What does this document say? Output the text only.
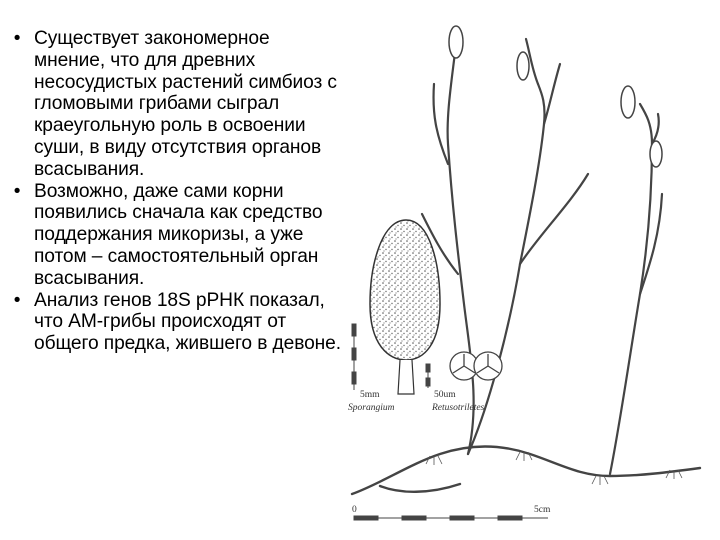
• Существует закономерное мнение, что для древних несосудистых растений симбиоз с гломовыми грибами сыграл краеугольную роль в освоении суши, в виду отсутствия органов всасывания.
• Возможно, даже сами корни появились сначала как средство поддержания микоризы, а уже потом – самостоятельный орган всасывания.
• Анализ генов 18S рРНК показал, что АМ-грибы происходят от общего предка, жившего в девоне.
5mm
Sporangium
50um
Retusotriletes
0	5cm
